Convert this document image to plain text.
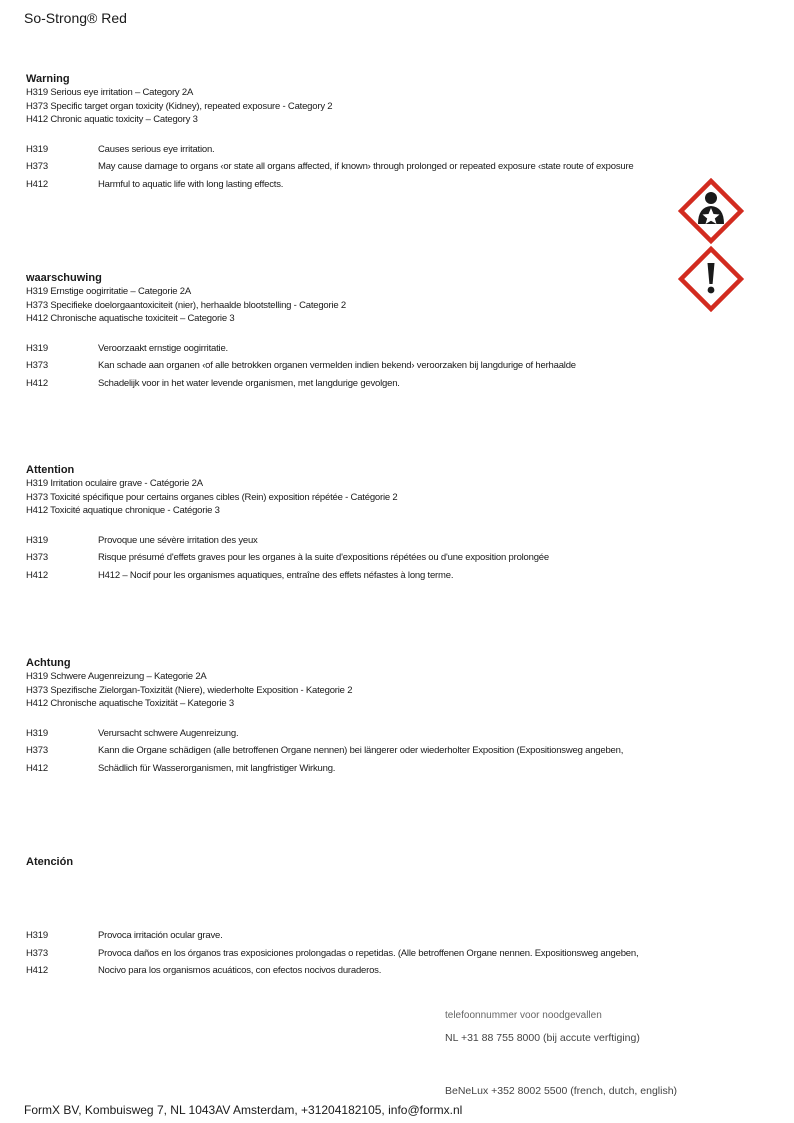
So-Strong® Red
Warning
H319 Serious eye irritation – Category 2A
H373 Specific target organ toxicity (Kidney), repeated exposure - Category 2
H412 Chronic aquatic toxicity – Category 3
H319	Causes serious eye irritation.
H373	May cause damage to organs ‹or state all organs affected, if known› through prolonged or repeated exposure ‹state route of exposure
H412	Harmful to aquatic life with long lasting effects.
waarschuwing
H319 Ernstige oogirritatie – Categorie 2A
H373 Specifieke doelorgaantoxiciteit (nier), herhaalde blootstelling - Categorie 2
H412 Chronische aquatische toxiciteit – Categorie 3
H319	Veroorzaakt ernstige oogirritatie.
H373	Kan schade aan organen ‹of alle betrokken organen vermelden indien bekend› veroorzaken bij langdurige of herhaalde
H412	Schadelijk voor in het water levende organismen, met langdurige gevolgen.
Attention
H319 Irritation oculaire grave - Catégorie 2A
H373 Toxicité spécifique pour certains organes cibles (Rein) exposition répétée - Catégorie 2
H412 Toxicité aquatique chronique - Catégorie 3
H319	Provoque une sévère irritation des yeux
H373	Risque présumé d'effets graves pour les organes à la suite d'expositions répétées ou d'une exposition prolongée
H412	H412 – Nocif pour les organismes aquatiques, entraîne des effets néfastes à long terme.
Achtung
H319 Schwere Augenreizung – Kategorie 2A
H373 Spezifische Zielorgan-Toxizität (Niere), wiederholte Exposition - Kategorie 2
H412 Chronische aquatische Toxizität – Kategorie 3
H319	Verursacht schwere Augenreizung.
H373	Kann die Organe schädigen (alle betroffenen Organe nennen) bei längerer oder wiederholter Exposition (Expositionsweg angeben,
H412	Schädlich für Wasserorganismen, mit langfristiger Wirkung.
Atención
H319	Provoca irritación ocular grave.
H373	Provoca daños en los órganos tras exposiciones prolongadas o repetidas. (Alle betroffenen Organe nennen. Expositionsweg angeben,
H412	Nocivo para los organismos acuáticos, con efectos nocivos duraderos.
telefoonnummer voor noodgevallen
NL +31 88 755 8000 (bij accute verftiging)
BeNeLux +352 8002 5500 (french, dutch, english)
FormX BV, Kombuisweg 7, NL 1043AV Amsterdam, +31204182105, info@formx.nl
